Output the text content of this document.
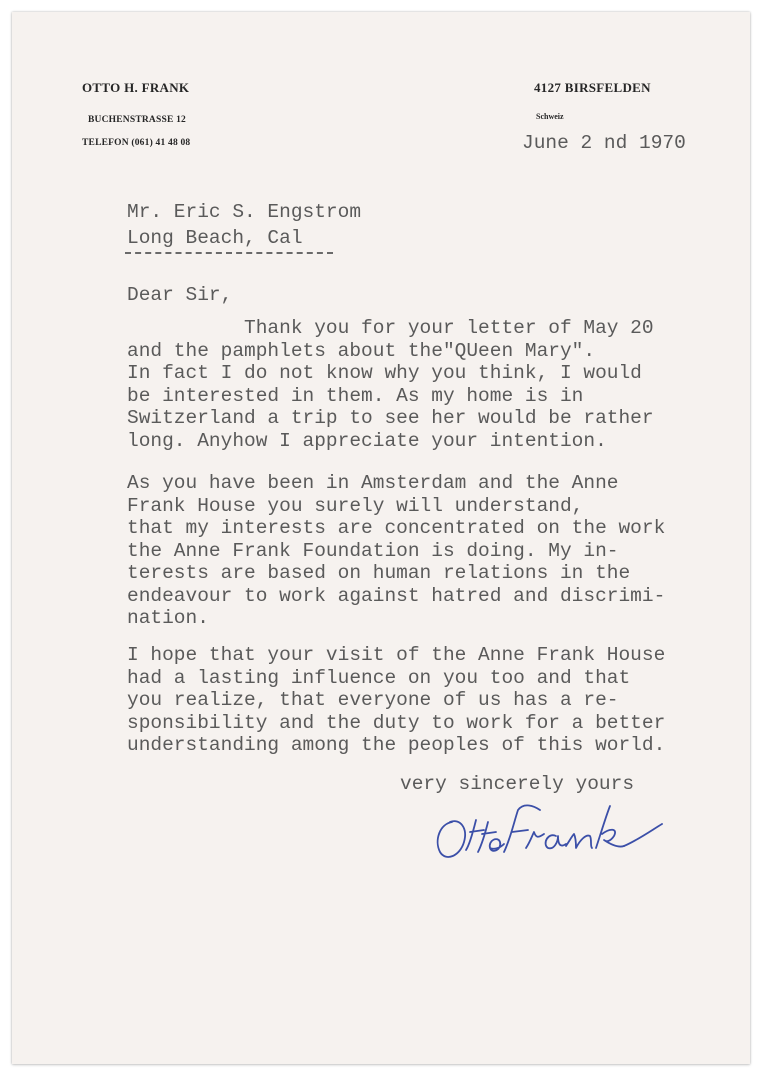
OTTO H. FRANK
BUCHENSTRASSE 12
TELEFON (061) 41 48 08
4127 BIRSFELDEN
Schweiz
June 2 nd 1970
Mr. Eric S. Engstrom
Long Beach, Cal
Dear Sir,
Thank you for your letter of May 20
and the pamphlets about the"QUeen Mary".
In fact I do not know why you think, I would
be interested in them. As my home is in
Switzerland a trip to see her would be rather
long. Anyhow I appreciate your intention.
As you have been in Amsterdam and the Anne
Frank House you surely will understand,
that my interests are concentrated on the work
the Anne Frank Foundation is doing. My in-
terests are based on human relations in the
endeavour to work against hatred and discrimi-
nation.
I hope that your visit of the Anne Frank House
had a lasting influence on you too and that
you realize, that everyone of us has a re-
sponsibility and the duty to work for a better
understanding among the peoples of this world.
very sincerely yours
